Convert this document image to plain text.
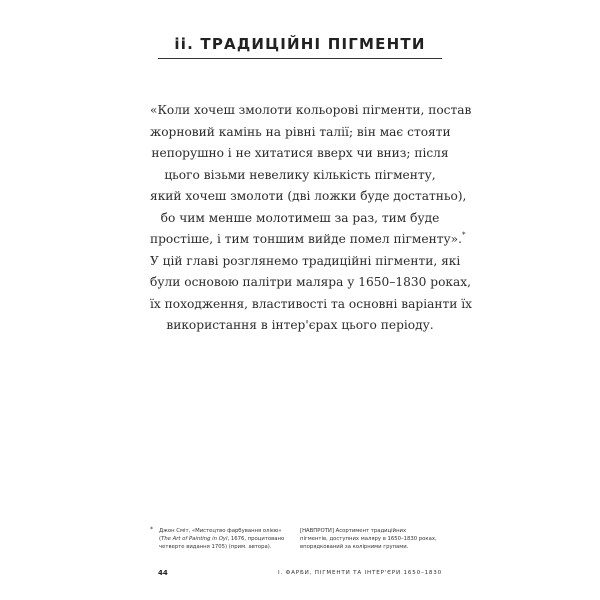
ii. ТРАДИЦІЙНІ ПІГМЕНТИ

«Коли хочеш змолоти кольорові пігменти, постав
жорновий камінь на рівні талії; він має стояти
непорушно і не хитатися вверх чи вниз; після
цього візьми невелику кількість пігменту,
який хочеш змолоти (дві ложки буде достатньо),
бо чим менше молотимеш за раз, тим буде
простіше, і тим тоншим вийде помел пігменту».*
У цій главі розглянемо традиційні пігменти, які
були основою палітри маляра у 1650–1830 роках,
їх походження, властивості та основні варіанти їх
використання в інтер'єрах цього періоду.

* Джон Сміт, «Мистецтво фарбування олією»
(The Art of Painting in Oyl, 1676, процитовано
четверте видання 1705) (прим. автора).
[НАВПРОТИ] Асортимент традиційних
пігментів, доступних маляру в 1650–1830 роках,
впорядкований за колірними групами.

44	I. ФАРБИ, ПІГМЕНТИ ТА ІНТЕР'ЄРИ 1650–1830
